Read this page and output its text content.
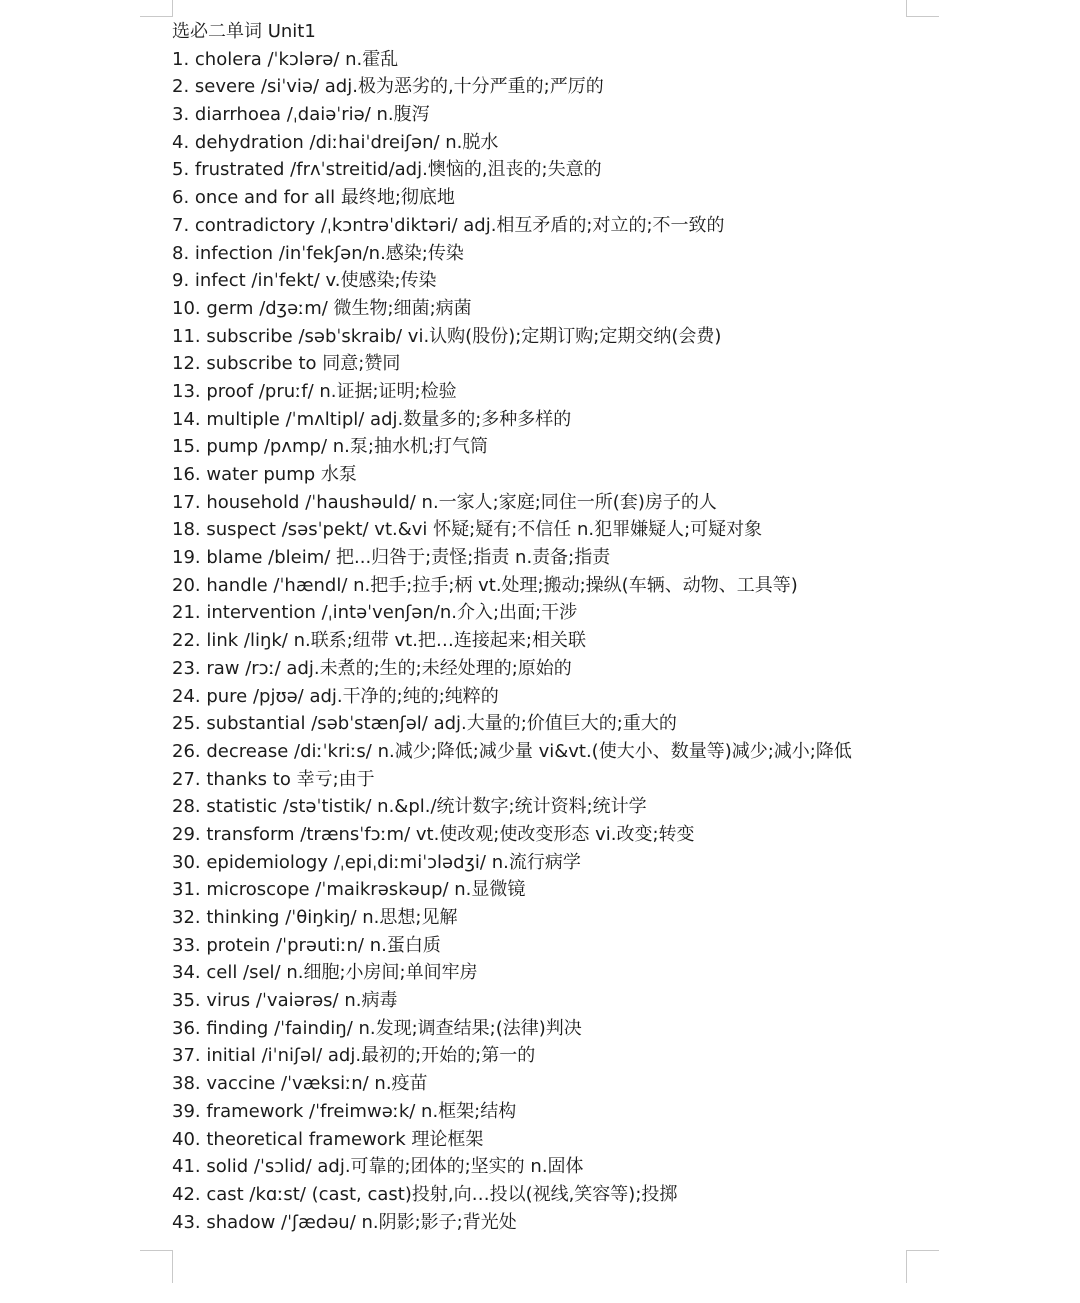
选必二单词 Unit1
1. cholera /ˈkɔlərə/ n.霍乱
2. severe /siˈviə/ adj.极为恶劣的,十分严重的;严厉的
3. diarrhoea /ˌdaiəˈriə/ n.腹泻
4. dehydration /diːhaiˈdreiʃən/ n.脱水
5. frustrated /frʌˈstreitid/adj.懊恼的,沮丧的;失意的
6. once and for all 最终地;彻底地
7. contradictory /ˌkɔntrəˈdiktəri/ adj.相互矛盾的;对立的;不一致的
8. infection /inˈfekʃən/n.感染;传染
9. infect /inˈfekt/ v.使感染;传染
10. germ /dʒəːm/ 微生物;细菌;病菌
11. subscribe /səbˈskraib/ vi.认购(股份);定期订购;定期交纳(会费)
12. subscribe to 同意;赞同
13. proof /pruːf/ n.证据;证明;检验
14. multiple /ˈmʌltipl/ adj.数量多的;多种多样的
15. pump /pʌmp/ n.泵;抽水机;打气筒
16. water pump 水泵
17. household /ˈhaushəuld/ n.一家人;家庭;同住一所(套)房子的人
18. suspect /səsˈpekt/ vt.&vi 怀疑;疑有;不信任 n.犯罪嫌疑人;可疑对象
19. blame /bleim/ 把...归咎于;责怪;指责 n.责备;指责
20. handle /ˈhændl/ n.把手;拉手;柄 vt.处理;搬动;操纵(车辆、动物、工具等)
21. intervention /ˌintəˈvenʃən/n.介入;出面;干涉
22. link /liŋk/ n.联系;纽带 vt.把…连接起来;相关联
23. raw /rɔː/ adj.未煮的;生的;未经处理的;原始的
24. pure /pjʊə/ adj.干净的;纯的;纯粹的
25. substantial /səbˈstænʃəl/ adj.大量的;价值巨大的;重大的
26. decrease /diːˈkriːs/ n.减少;降低;减少量 vi&vt.(使大小、数量等)减少;减小;降低
27. thanks to 幸亏;由于
28. statistic /stəˈtistik/ n.&pl./统计数字;统计资料;统计学
29. transform /trænsˈfɔːm/ vt.使改观;使改变形态 vi.改变;转变
30. epidemiology /ˌepiˌdiːmiˈɔlədʒi/ n.流行病学
31. microscope /ˈmaikrəskəup/ n.显微镜
32. thinking /ˈθiŋkiŋ/ n.思想;见解
33. protein /ˈprəutiːn/ n.蛋白质
34. cell /sel/ n.细胞;小房间;单间牢房
35. virus /ˈvaiərəs/ n.病毒
36. finding /ˈfaindiŋ/ n.发现;调查结果;(法律)判决
37. initial /iˈniʃəl/ adj.最初的;开始的;第一的
38. vaccine /ˈvæksiːn/ n.疫苗
39. framework /ˈfreimwəːk/ n.框架;结构
40. theoretical framework 理论框架
41. solid /ˈsɔlid/ adj.可靠的;团体的;坚实的 n.固体
42. cast /kɑːst/ (cast, cast)投射,向…投以(视线,笑容等);投掷
43. shadow /ˈʃædəu/ n.阴影;影子;背光处
